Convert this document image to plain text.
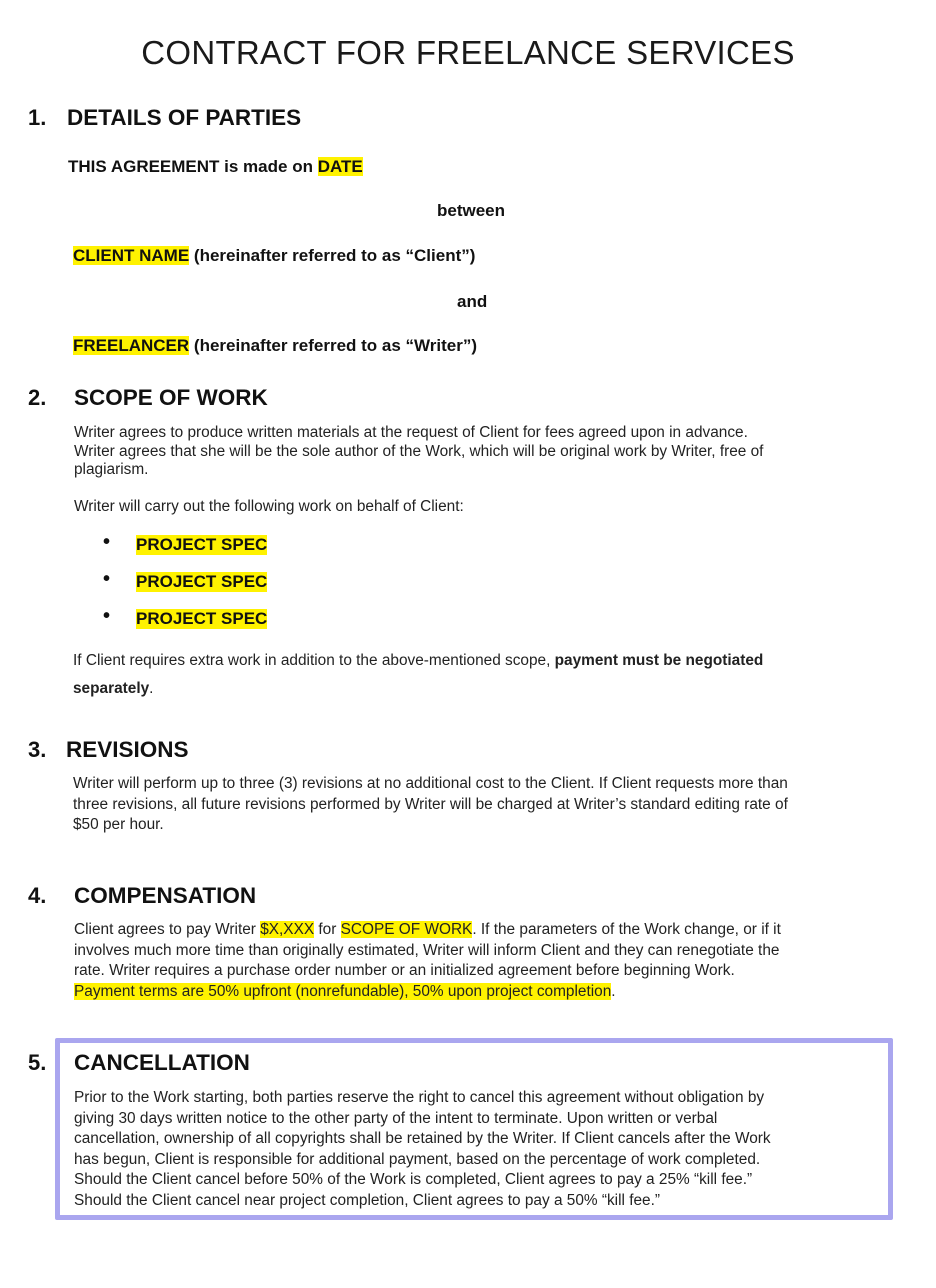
CONTRACT FOR FREELANCE SERVICES
1. DETAILS OF PARTIES
THIS AGREEMENT is made on DATE
between
CLIENT NAME (hereinafter referred to as “Client”)
and
FREELANCER (hereinafter referred to as “Writer”)
2. SCOPE OF WORK
Writer agrees to produce written materials at the request of Client for fees agreed upon in advance.
Writer agrees that she will be the sole author of the Work, which will be original work by Writer, free of
plagiarism.
Writer will carry out the following work on behalf of Client:
• PROJECT SPEC
• PROJECT SPEC
• PROJECT SPEC
If Client requires extra work in addition to the above-mentioned scope, payment must be negotiated
separately.
3. REVISIONS
Writer will perform up to three (3) revisions at no additional cost to the Client. If Client requests more than
three revisions, all future revisions performed by Writer will be charged at Writer’s standard editing rate of
$50 per hour.
4. COMPENSATION
Client agrees to pay Writer $X,XXX for SCOPE OF WORK. If the parameters of the Work change, or if it
involves much more time than originally estimated, Writer will inform Client and they can renegotiate the
rate. Writer requires a purchase order number or an initialized agreement before beginning Work.
Payment terms are 50% upfront (nonrefundable), 50% upon project completion.
5. CANCELLATION
Prior to the Work starting, both parties reserve the right to cancel this agreement without obligation by
giving 30 days written notice to the other party of the intent to terminate. Upon written or verbal
cancellation, ownership of all copyrights shall be retained by the Writer. If Client cancels after the Work
has begun, Client is responsible for additional payment, based on the percentage of work completed.
Should the Client cancel before 50% of the Work is completed, Client agrees to pay a 25% “kill fee.”
Should the Client cancel near project completion, Client agrees to pay a 50% “kill fee.”
